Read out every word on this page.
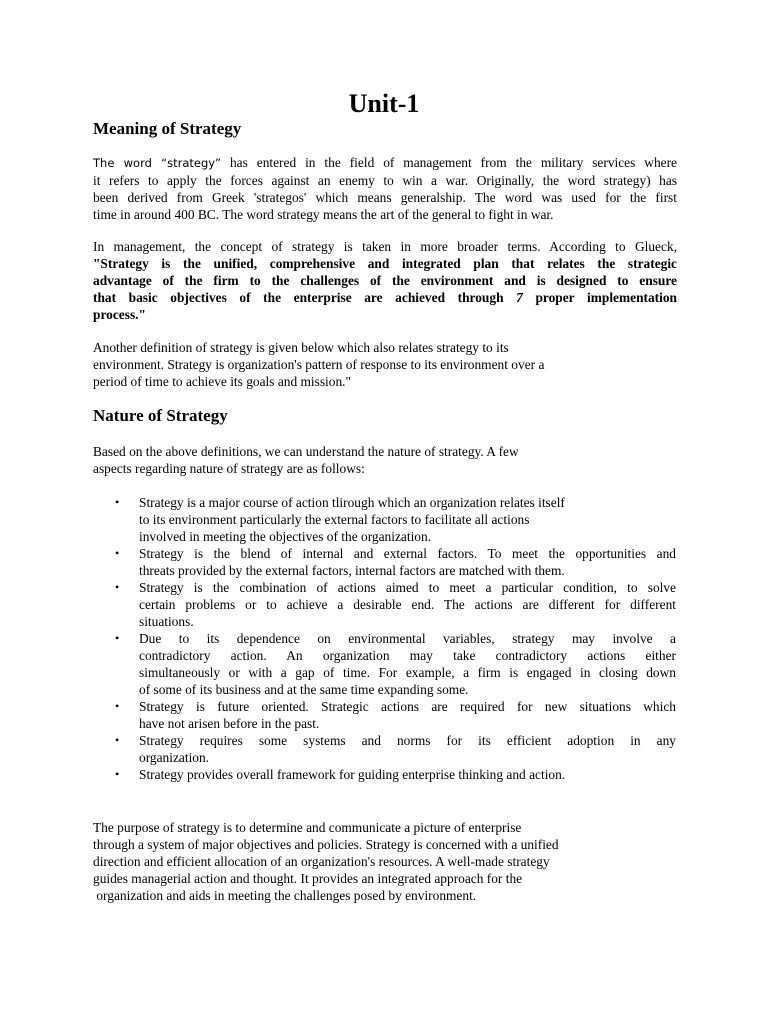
Unit-1
Meaning of Strategy

The word “strategy” has entered in the field of management from the military services where
it refers to apply the forces against an enemy to win a war. Originally, the word strategy) has
been derived from Greek 'strategos' which means generalship. The word was used for the first
time in around 400 BC. The word strategy means the art of the general to fight in war.

In management, the concept of strategy is taken in more broader terms. According to Glueck,
"Strategy is the unified, comprehensive and integrated plan that relates the strategic
advantage of the firm to the challenges of the environment and is designed to ensure
that basic objectives of the enterprise are achieved through 7 proper implementation
process."

Another definition of strategy is given below which also relates strategy to its
environment. Strategy is organization's pattern of response to its environment over a
period of time to achieve its goals and mission."

Nature of Strategy

Based on the above definitions, we can understand the nature of strategy. A few
aspects regarding nature of strategy are as follows:

• Strategy is a major course of action tlirough which an organization relates itself
to its environment particularly the external factors to facilitate all actions
involved in meeting the objectives of the organization.
• Strategy is the blend of internal and external factors. To meet the opportunities and
threats provided by the external factors, internal factors are matched with them.
• Strategy is the combination of actions aimed to meet a particular condition, to solve
certain problems or to achieve a desirable end. The actions are different for different
situations.
• Due to its dependence on environmental variables, strategy may involve a
contradictory action. An organization may take contradictory actions either
simultaneously or with a gap of time. For example, a firm is engaged in closing down
of some of its business and at the same time expanding some.
• Strategy is future oriented. Strategic actions are required for new situations which
have not arisen before in the past.
• Strategy requires some systems and norms for its efficient adoption in any
organization.
• Strategy provides overall framework for guiding enterprise thinking and action.

The purpose of strategy is to determine and communicate a picture of enterprise
through a system of major objectives and policies. Strategy is concerned with a unified
direction and efficient allocation of an organization's resources. A well-made strategy
guides managerial action and thought. It provides an integrated approach for the
organization and aids in meeting the challenges posed by environment.
